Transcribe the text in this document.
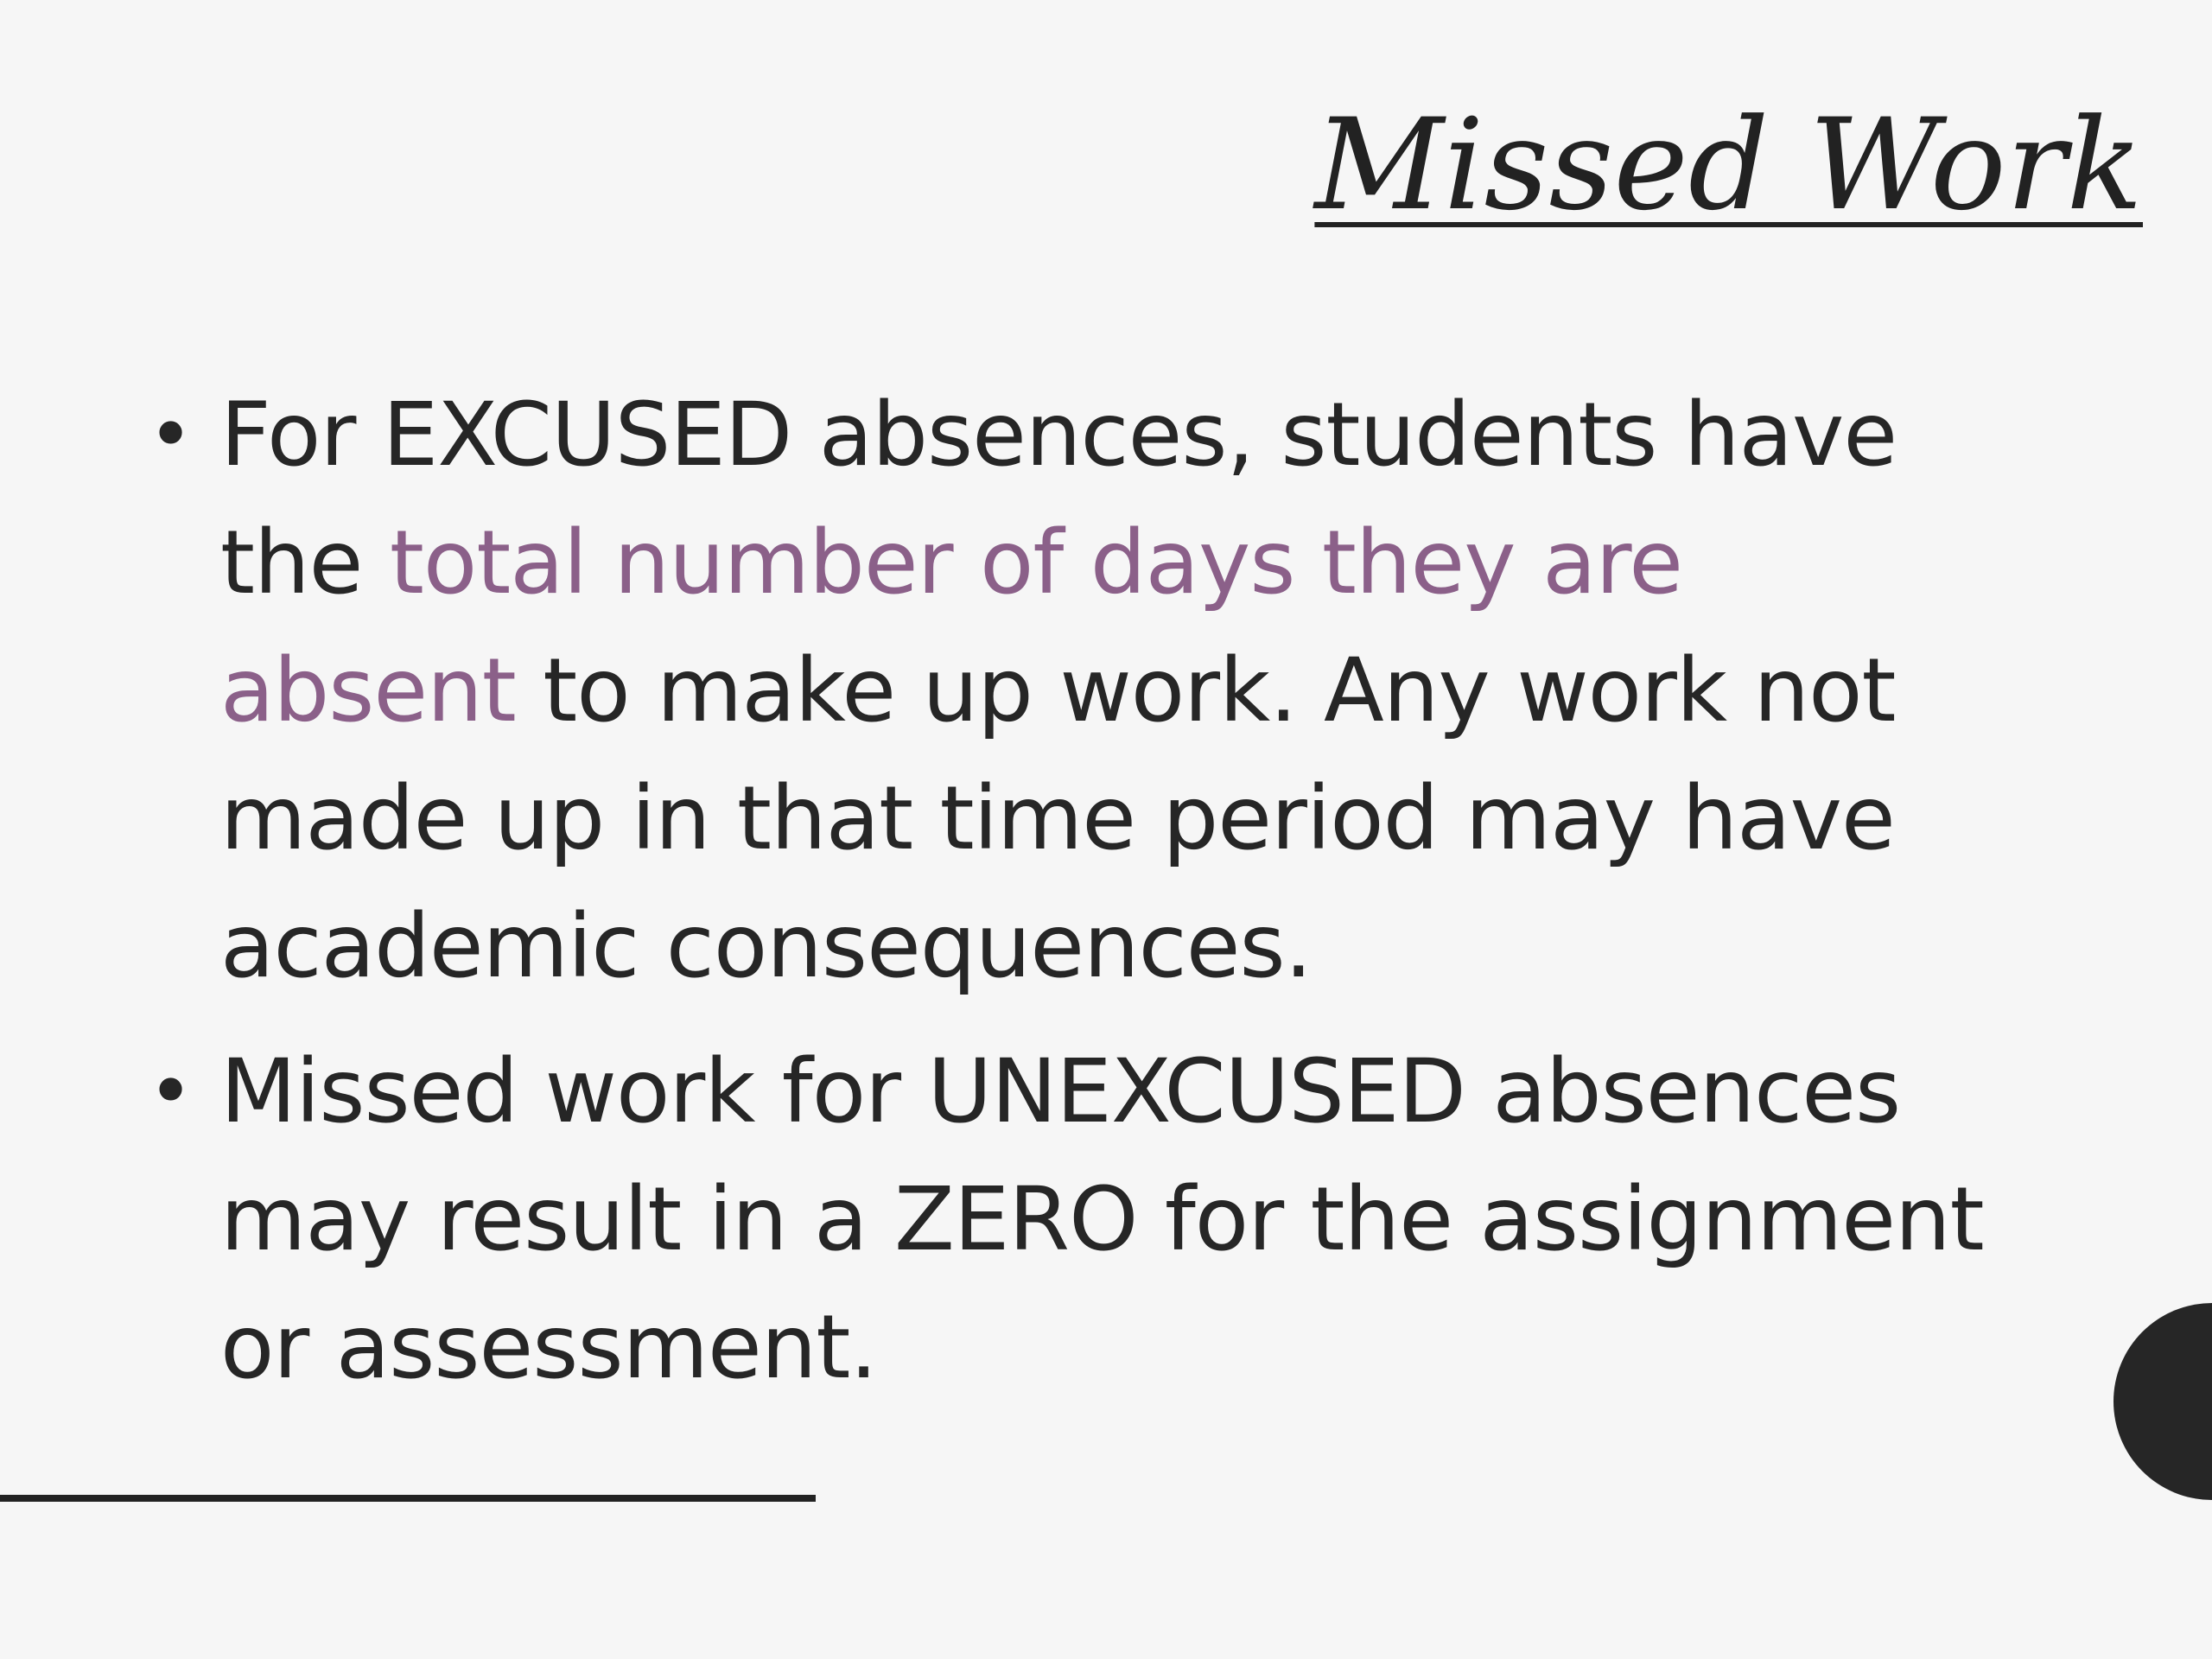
Missed Work
• For EXCUSED absences, students have the total number of days they are absent to make up work. Any work not made up in that time period may have academic consequences.
• Missed work for UNEXCUSED absences may result in a ZERO for the assignment or assessment.
